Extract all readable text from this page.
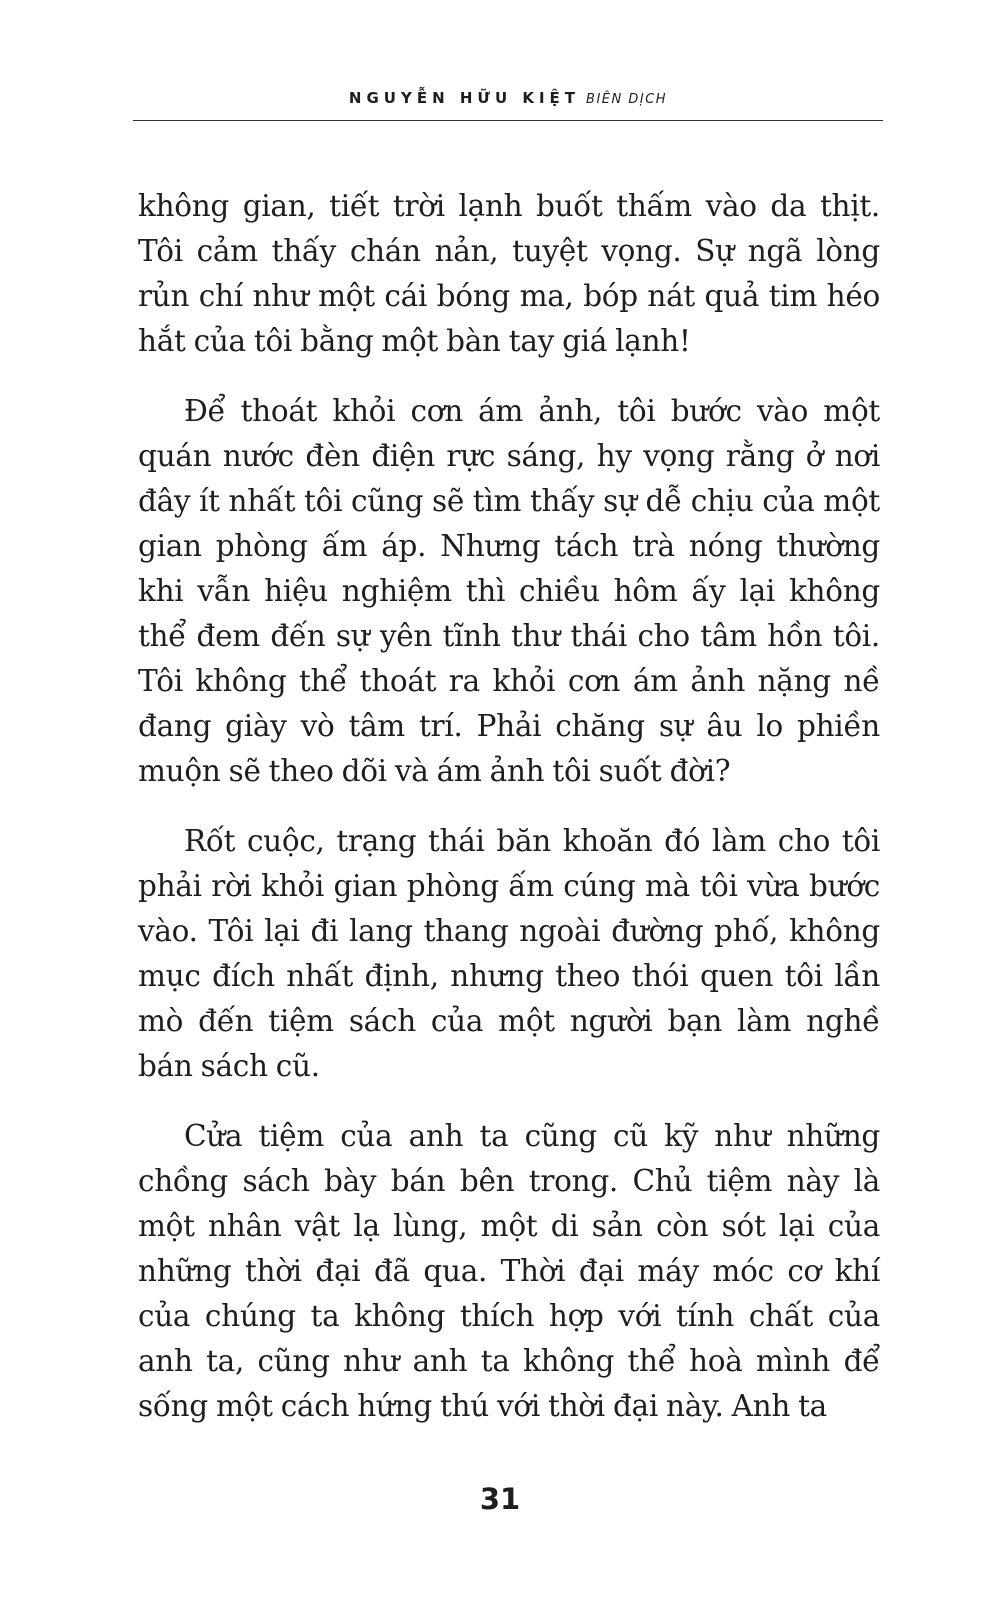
NGUYỄN HỮU KIỆT BIÊN DỊCH

không gian, tiết trời lạnh buốt thấm vào da thịt. Tôi cảm thấy chán nản, tuyệt vọng. Sự ngã lòng rủn chí như một cái bóng ma, bóp nát quả tim héo hắt của tôi bằng một bàn tay giá lạnh!

Để thoát khỏi cơn ám ảnh, tôi bước vào một quán nước đèn điện rực sáng, hy vọng rằng ở nơi đây ít nhất tôi cũng sẽ tìm thấy sự dễ chịu của một gian phòng ấm áp. Nhưng tách trà nóng thường khi vẫn hiệu nghiệm thì chiều hôm ấy lại không thể đem đến sự yên tĩnh thư thái cho tâm hồn tôi. Tôi không thể thoát ra khỏi cơn ám ảnh nặng nề đang giày vò tâm trí. Phải chăng sự âu lo phiền muộn sẽ theo dõi và ám ảnh tôi suốt đời?

Rốt cuộc, trạng thái băn khoăn đó làm cho tôi phải rời khỏi gian phòng ấm cúng mà tôi vừa bước vào. Tôi lại đi lang thang ngoài đường phố, không mục đích nhất định, nhưng theo thói quen tôi lần mò đến tiệm sách của một người bạn làm nghề bán sách cũ.

Cửa tiệm của anh ta cũng cũ kỹ như những chồng sách bày bán bên trong. Chủ tiệm này là một nhân vật lạ lùng, một di sản còn sót lại của những thời đại đã qua. Thời đại máy móc cơ khí của chúng ta không thích hợp với tính chất của anh ta, cũng như anh ta không thể hoà mình để sống một cách hứng thú với thời đại này. Anh ta

31
